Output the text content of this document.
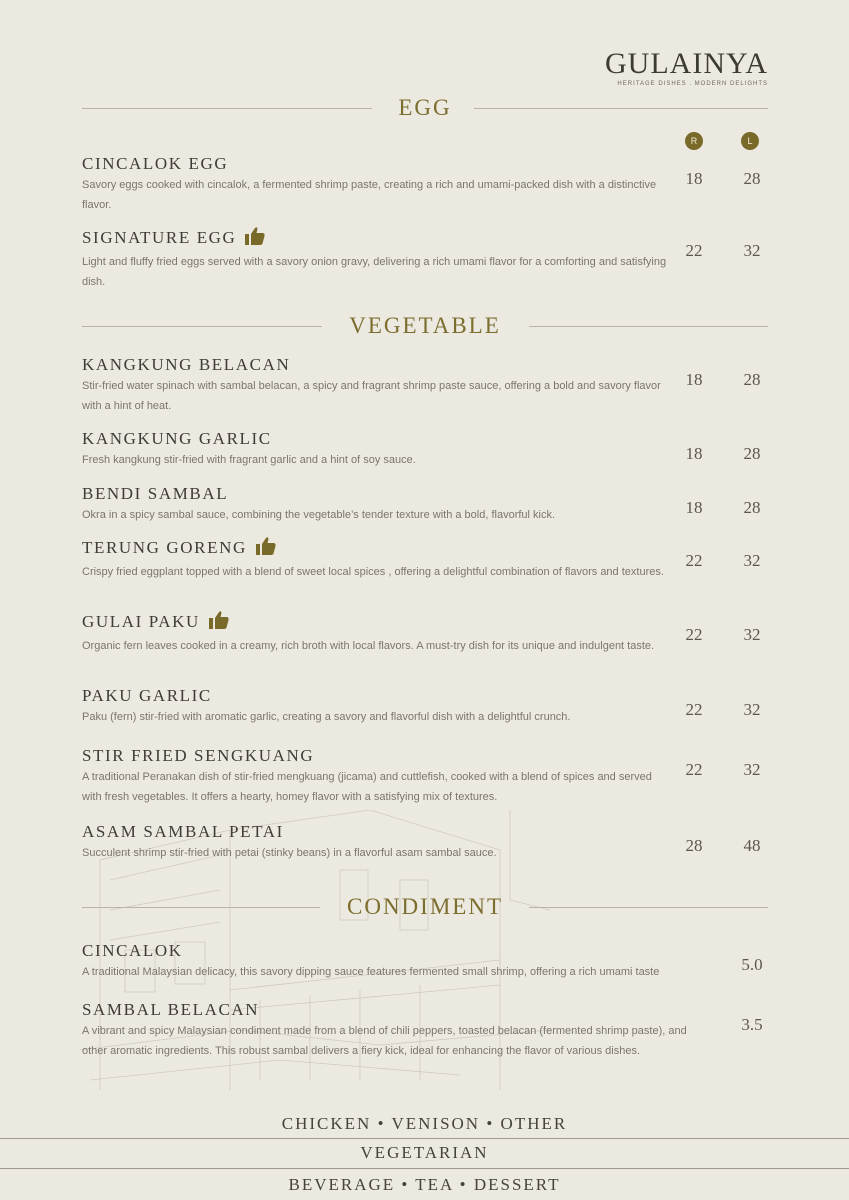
GULAINYA
HERITAGE DISHES . MODERN DELIGHTS
EGG
R	L
CINCALOK EGG
Savory eggs cooked with cincalok, a fermented shrimp paste, creating a rich and umami-packed dish with a distinctive flavor.
18	28
SIGNATURE EGG
Light and fluffy fried eggs served with a savory onion gravy, delivering a rich umami flavor for a comforting and satisfying dish.
22	32
VEGETABLE
KANGKUNG BELACAN
Stir-fried water spinach with sambal belacan, a spicy and fragrant shrimp paste sauce, offering a bold and savory flavor with a hint of heat.
18	28
KANGKUNG GARLIC
Fresh kangkung stir-fried with fragrant garlic and a hint of soy sauce.	18	28
BENDI SAMBAL
Okra in a spicy sambal sauce, combining the vegetable’s tender texture with a bold, flavorful kick.	18	28
TERUNG GORENG
Crispy fried eggplant topped with a blend of sweet local spices , offering a delightful combination of flavors and textures.
22	32
GULAI PAKU
Organic fern leaves cooked in a creamy, rich broth with local flavors. A must-try dish for its unique and indulgent taste.
22	32
PAKU GARLIC
Paku (fern) stir-fried with aromatic garlic, creating a savory and flavorful dish with a delightful crunch.	22	32
STIR FRIED SENGKUANG
A traditional Peranakan dish of stir-fried mengkuang (jicama) and cuttlefish, cooked with a blend of spices and served with fresh vegetables. It offers a hearty, homey flavor with a satisfying mix of textures.
22	32
ASAM SAMBAL PETAI
Succulent shrimp stir-fried with petai (stinky beans) in a flavorful asam sambal sauce.	28	48
CONDIMENT
CINCALOK
A traditional Malaysian delicacy, this savory dipping sauce features fermented small shrimp, offering a rich umami taste	5.0
SAMBAL BELACAN
A vibrant and spicy Malaysian condiment made from a blend of chili peppers, toasted belacan (fermented shrimp paste), and other aromatic ingredients. This robust sambal delivers a fiery kick, ideal for enhancing the flavor of various dishes.
3.5
CHICKEN • VENISON • OTHER
VEGETARIAN
BEVERAGE • TEA • DESSERT
